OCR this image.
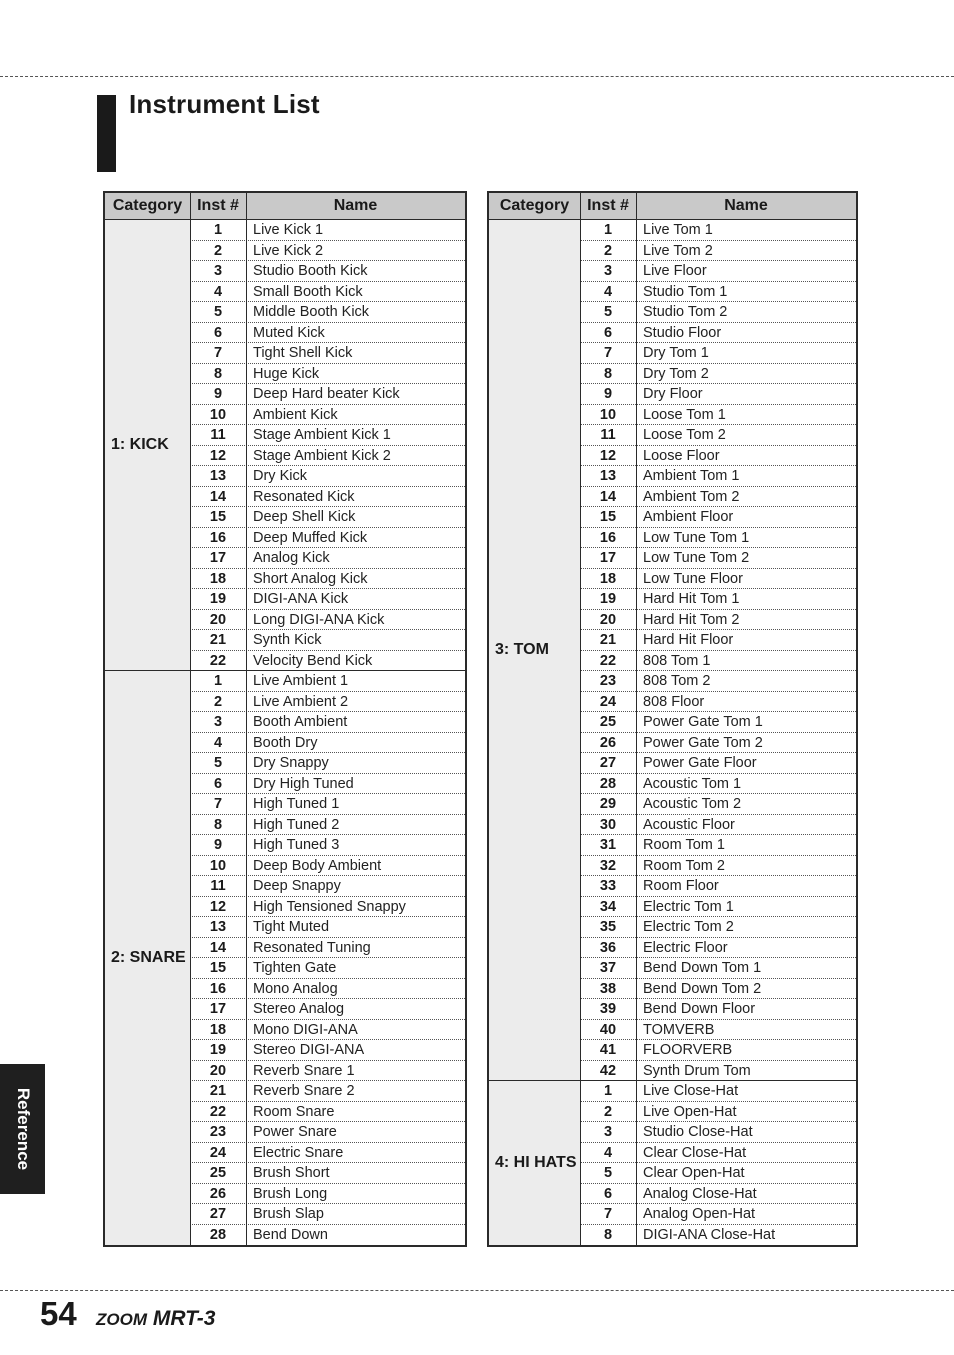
Instrument List
Category Inst #	Name
1: KICK
1	Live Kick 1
2	Live Kick 2
3	Studio Booth Kick
4	Small Booth Kick
5	Middle Booth Kick
6	Muted Kick
7	Tight Shell Kick
8	Huge Kick
9	Deep Hard beater Kick
10	Ambient Kick
11	Stage Ambient Kick 1
12	Stage Ambient Kick 2
13	Dry Kick
14	Resonated Kick
15	Deep Shell Kick
16	Deep Muffed Kick
17	Analog Kick
18	Short Analog Kick
19	DIGI-ANA Kick
20	Long DIGI-ANA Kick
21	Synth Kick
22	Velocity Bend Kick
2: SNARE
1	Live Ambient 1
2	Live Ambient 2
3	Booth Ambient
4	Booth Dry
5	Dry Snappy
6	Dry High Tuned
7	High Tuned 1
8	High Tuned 2
9	High Tuned 3
10	Deep Body Ambient
11	Deep Snappy
12	High Tensioned Snappy
13	Tight Muted
14	Resonated Tuning
15	Tighten Gate
16	Mono Analog
17	Stereo Analog
18	Mono DIGI-ANA
19	Stereo DIGI-ANA
20	Reverb Snare 1
21	Reverb Snare 2
22	Room Snare
23	Power Snare
24	Electric Snare
25	Brush Short
26	Brush Long
27	Brush Slap
28	Bend Down
Category	Inst #	Name
3: TOM
1	Live Tom 1
2	Live Tom 2
3	Live Floor
4	Studio Tom 1
5	Studio Tom 2
6	Studio Floor
7	Dry Tom 1
8	Dry Tom 2
9	Dry Floor
10	Loose Tom 1
11	Loose Tom 2
12	Loose Floor
13	Ambient Tom 1
14	Ambient Tom 2
15	Ambient Floor
16	Low Tune Tom 1
17	Low Tune Tom 2
18	Low Tune Floor
19	Hard Hit Tom 1
20	Hard Hit Tom 2
21	Hard Hit Floor
22	808 Tom 1
23	808 Tom 2
24	808 Floor
25	Power Gate Tom 1
26	Power Gate Tom 2
27	Power Gate Floor
28	Acoustic Tom 1
29	Acoustic Tom 2
30	Acoustic Floor
31	Room Tom 1
32	Room Tom 2
33	Room Floor
34	Electric Tom 1
35	Electric Tom 2
36	Electric Floor
37	Bend Down Tom 1
38	Bend Down Tom 2
39	Bend Down Floor
40	TOMVERB
41	FLOORVERB
42	Synth Drum Tom
4: HI HATS
1	Live Close-Hat
2	Live Open-Hat
3	Studio Close-Hat
4	Clear Close-Hat
5	Clear Open-Hat
6	Analog Close-Hat
7	Analog Open-Hat
8	DIGI-ANA Close-Hat
Reference
54 ZOOM MRT-3
